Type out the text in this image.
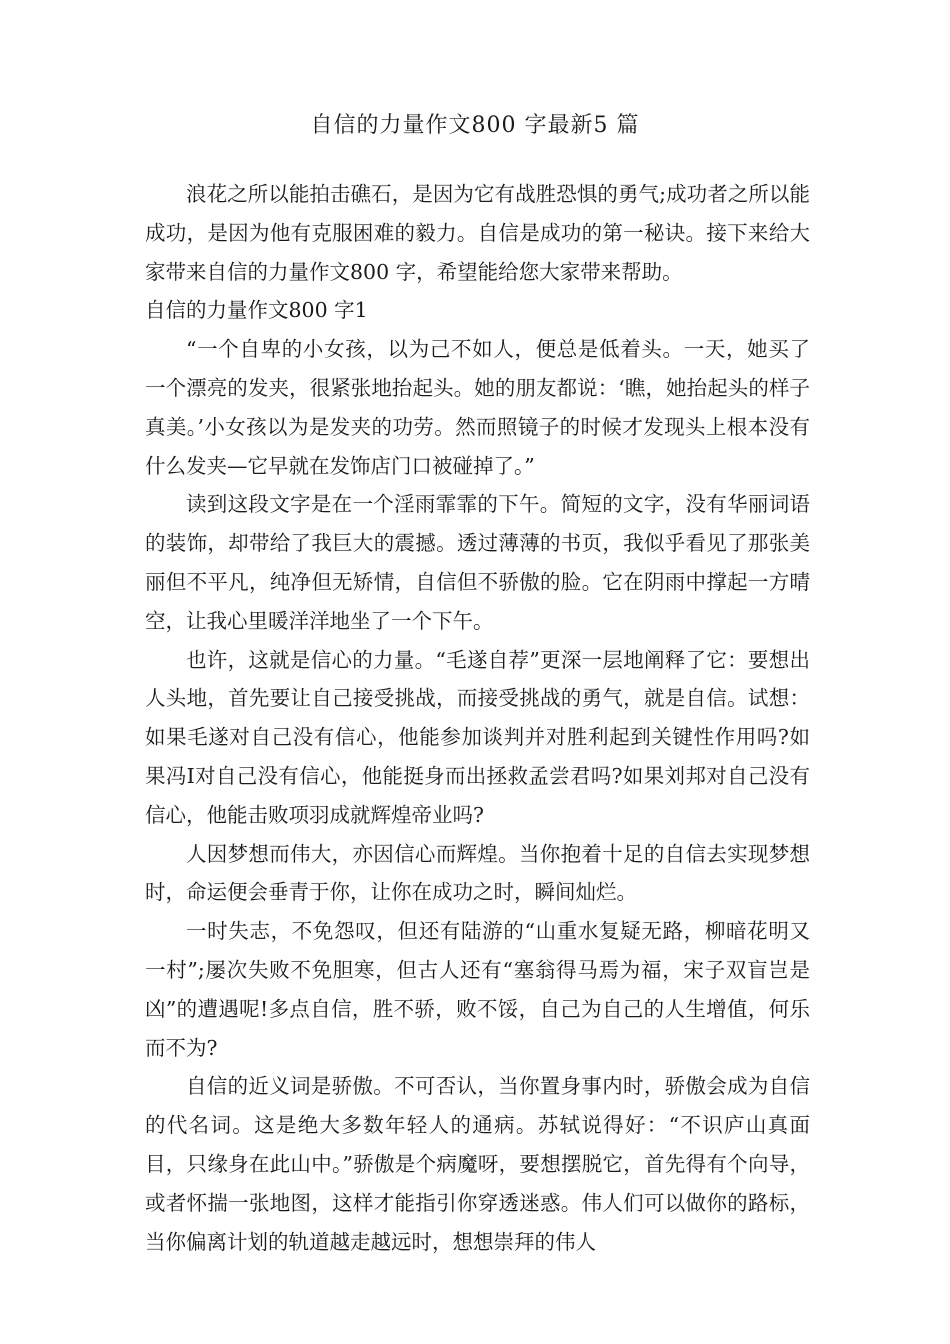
自信的力量作文800 字最新5 篇

浪花之所以能拍击礁石，是因为它有战胜恐惧的勇气;成功者之所以能成功，是因为他有克服困难的毅力。自信是成功的第一秘诀。接下来给大家带来自信的力量作文800 字，希望能给您大家带来帮助。

自信的力量作文800 字1

“一个自卑的小女孩，以为己不如人，便总是低着头。一天，她买了一个漂亮的发夹，很紧张地抬起头。她的朋友都说：‘瞧，她抬起头的样子真美。’小女孩以为是发夹的功劳。然而照镜子的时候才发现头上根本没有什么发夹—它早就在发饰店门口被碰掉了。”

读到这段文字是在一个淫雨霏霏的下午。简短的文字，没有华丽词语的装饰，却带给了我巨大的震撼。透过薄薄的书页，我似乎看见了那张美丽但不平凡，纯净但无矫情，自信但不骄傲的脸。它在阴雨中撑起一方晴空，让我心里暖洋洋地坐了一个下午。

也许，这就是信心的力量。“毛遂自荐”更深一层地阐释了它：要想出人头地，首先要让自己接受挑战，而接受挑战的勇气，就是自信。试想：如果毛遂对自己没有信心，他能参加谈判并对胜利起到关键性作用吗?如果冯Ⅰ对自己没有信心，他能挺身而出拯救孟尝君吗?如果刘邦对自己没有信心，他能击败项羽成就辉煌帝业吗?

人因梦想而伟大，亦因信心而辉煌。当你抱着十足的自信去实现梦想时，命运便会垂青于你，让你在成功之时，瞬间灿烂。

一时失志，不免怨叹，但还有陆游的“山重水复疑无路，柳暗花明又一村”;屡次失败不免胆寒，但古人还有“塞翁得马焉为福，宋子双盲岂是凶”的遭遇呢!多点自信，胜不骄，败不馁，自己为自己的人生增值，何乐而不为?

自信的近义词是骄傲。不可否认，当你置身事内时，骄傲会成为自信的代名词。这是绝大多数年轻人的通病。苏轼说得好：“不识庐山真面目，只缘身在此山中。”骄傲是个病魔呀，要想摆脱它，首先得有个向导，或者怀揣一张地图，这样才能指引你穿透迷惑。伟人们可以做你的路标，当你偏离计划的轨道越走越远时，想想崇拜的伟人
